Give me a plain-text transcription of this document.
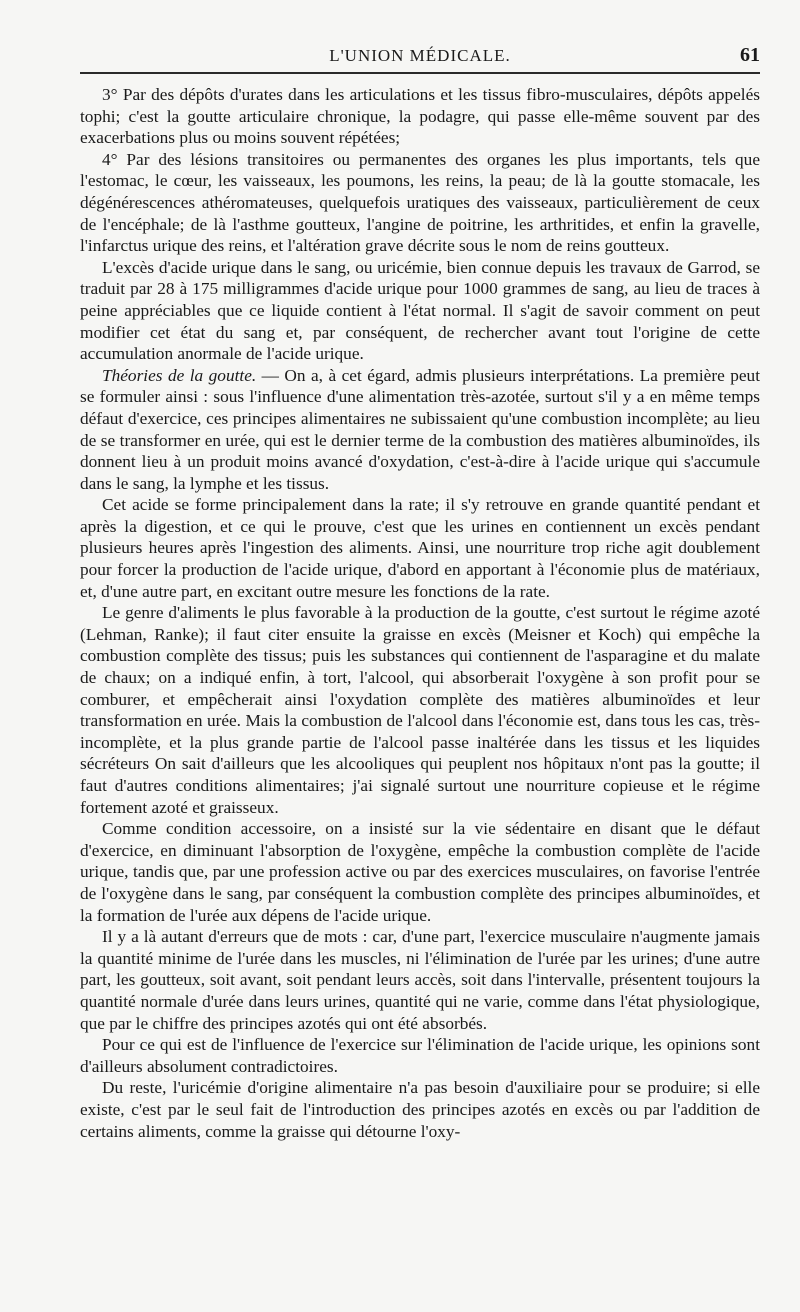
L'UNION MÉDICALE.	61

3° Par des dépôts d'urates dans les articulations et les tissus fibro-musculaires, dépôts appelés tophi; c'est la goutte articulaire chronique, la podagre, qui passe elle-même souvent par des exacerbations plus ou moins souvent répétées;

4° Par des lésions transitoires ou permanentes des organes les plus importants, tels que l'estomac, le cœur, les vaisseaux, les poumons, les reins, la peau; de là la goutte stomacale, les dégénérescences athéromateuses, quelquefois uratiques des vaisseaux, particulièrement de ceux de l'encéphale; de là l'asthme goutteux, l'angine de poitrine, les arthritides, et enfin la gravelle, l'infarctus urique des reins, et l'altération grave décrite sous le nom de reins goutteux.

L'excès d'acide urique dans le sang, ou uricémie, bien connue depuis les travaux de Garrod, se traduit par 28 à 175 milligrammes d'acide urique pour 1000 grammes de sang, au lieu de traces à peine appréciables que ce liquide contient à l'état normal. Il s'agit de savoir comment on peut modifier cet état du sang et, par conséquent, de rechercher avant tout l'origine de cette accumulation anormale de l'acide urique.

Théories de la goutte. — On a, à cet égard, admis plusieurs interprétations. La première peut se formuler ainsi : sous l'influence d'une alimentation très-azotée, surtout s'il y a en même temps défaut d'exercice, ces principes alimentaires ne subissaient qu'une combustion incomplète; au lieu de se transformer en urée, qui est le dernier terme de la combustion des matières albuminoïdes, ils donnent lieu à un produit moins avancé d'oxydation, c'est-à-dire à l'acide urique qui s'accumule dans le sang, la lymphe et les tissus.

Cet acide se forme principalement dans la rate; il s'y retrouve en grande quantité pendant et après la digestion, et ce qui le prouve, c'est que les urines en contiennent un excès pendant plusieurs heures après l'ingestion des aliments. Ainsi, une nourriture trop riche agit doublement pour forcer la production de l'acide urique, d'abord en apportant à l'économie plus de matériaux, et, d'une autre part, en excitant outre mesure les fonctions de la rate.

Le genre d'aliments le plus favorable à la production de la goutte, c'est surtout le régime azoté (Lehman, Ranke); il faut citer ensuite la graisse en excès (Meisner et Koch) qui empêche la combustion complète des tissus; puis les substances qui contiennent de l'asparagine et du malate de chaux; on a indiqué enfin, à tort, l'alcool, qui absorberait l'oxygène à son profit pour se comburer, et empêcherait ainsi l'oxydation complète des matières albuminoïdes et leur transformation en urée. Mais la combustion de l'alcool dans l'économie est, dans tous les cas, très-incomplète, et la plus grande partie de l'alcool passe inaltérée dans les tissus et les liquides sécréteurs On sait d'ailleurs que les alcooliques qui peuplent nos hôpitaux n'ont pas la goutte; il faut d'autres conditions alimentaires; j'ai signalé surtout une nourriture copieuse et le régime fortement azoté et graisseux.

Comme condition accessoire, on a insisté sur la vie sédentaire en disant que le défaut d'exercice, en diminuant l'absorption de l'oxygène, empêche la combustion complète de l'acide urique, tandis que, par une profession active ou par des exercices musculaires, on favorise l'entrée de l'oxygène dans le sang, par conséquent la combustion complète des principes albuminoïdes, et la formation de l'urée aux dépens de l'acide urique.

Il y a là autant d'erreurs que de mots : car, d'une part, l'exercice musculaire n'augmente jamais la quantité minime de l'urée dans les muscles, ni l'élimination de l'urée par les urines; d'une autre part, les goutteux, soit avant, soit pendant leurs accès, soit dans l'intervalle, présentent toujours la quantité normale d'urée dans leurs urines, quantité qui ne varie, comme dans l'état physiologique, que par le chiffre des principes azotés qui ont été absorbés.

Pour ce qui est de l'influence de l'exercice sur l'élimination de l'acide urique, les opinions sont d'ailleurs absolument contradictoires.

Du reste, l'uricémie d'origine alimentaire n'a pas besoin d'auxiliaire pour se produire; si elle existe, c'est par le seul fait de l'introduction des principes azotés en excès ou par l'addition de certains aliments, comme la graisse qui détourne l'oxy-
